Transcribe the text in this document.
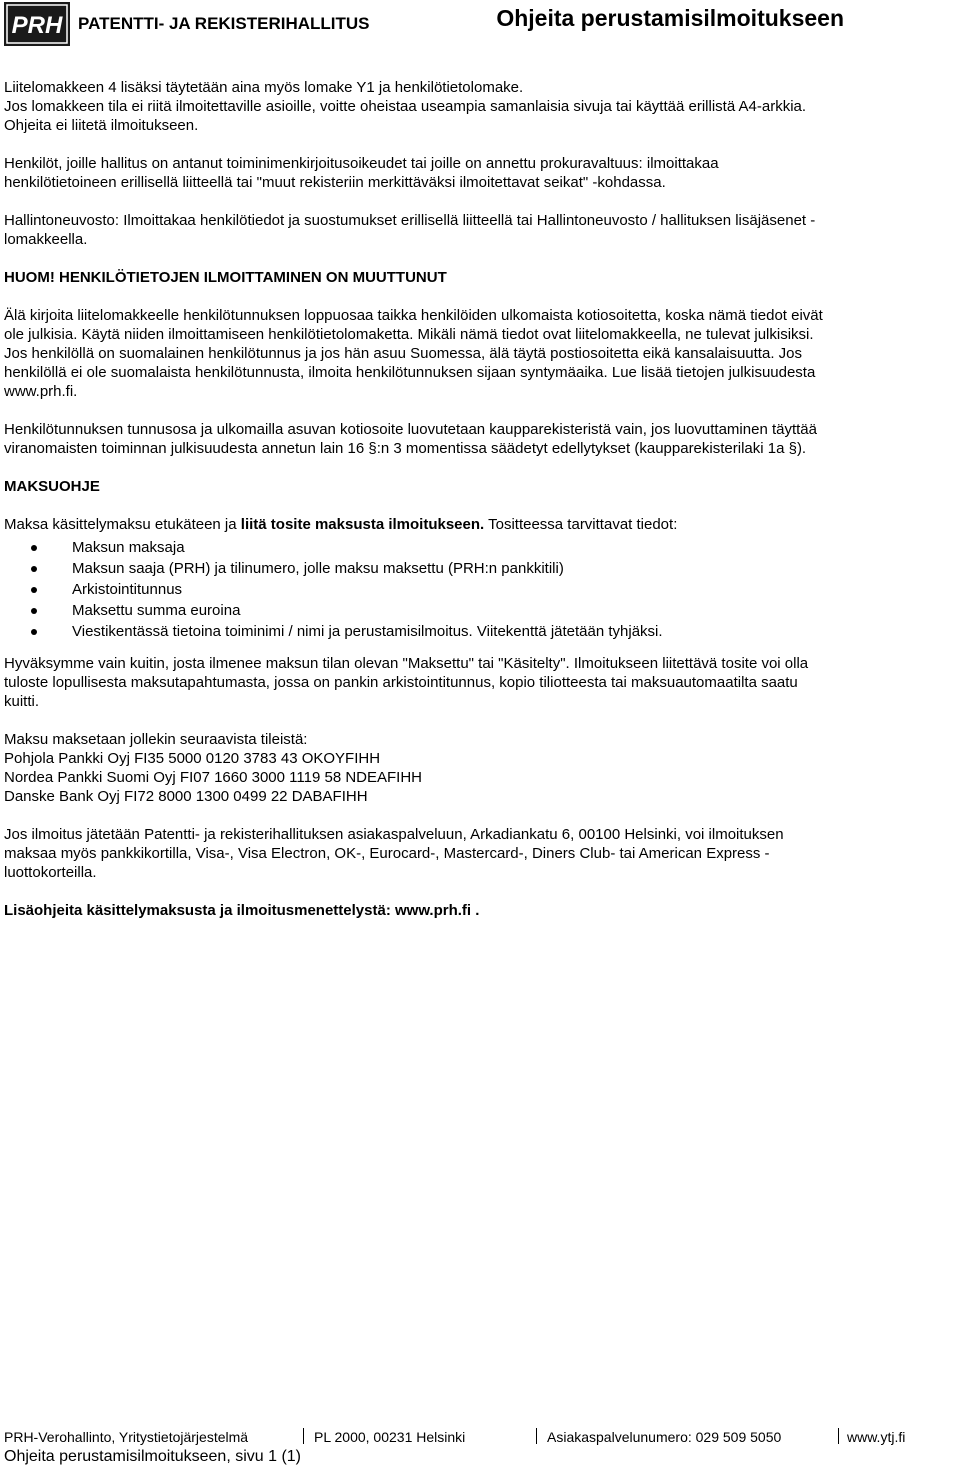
PRH PATENTTI- JA REKISTERIHALLITUS	Ohjeita perustamisilmoitukseen

Liitelomakkeen 4 lisäksi täytetään aina myös lomake Y1 ja henkilötietolomake.

Jos lomakkeen tila ei riitä ilmoitettaville asioille, voitte oheistaa useampia samanlaisia sivuja tai käyttää erillistä A4-arkkia.

Ohjeita ei liitetä ilmoitukseen.

Henkilöt, joille hallitus on antanut toiminimenkirjoitusoikeudet tai joille on annettu prokuravaltuus: ilmoittakaa

henkilötietoineen erillisellä liitteellä tai "muut rekisteriin merkittäväksi ilmoitettavat seikat" -kohdassa.

Hallintoneuvosto: Ilmoittakaa henkilötiedot ja suostumukset erillisellä liitteellä tai Hallintoneuvosto / hallituksen lisäjäsenet -

lomakkeella.

HUOM! HENKILÖTIETOJEN ILMOITTAMINEN ON MUUTTUNUT

Älä kirjoita liitelomakkeelle henkilötunnuksen loppuosaa taikka henkilöiden ulkomaista kotiosoitetta, koska nämä tiedot eivät

ole julkisia. Käytä niiden ilmoittamiseen henkilötietolomaketta. Mikäli nämä tiedot ovat liitelomakkeella, ne tulevat julkisiksi.

Jos henkilöllä on suomalainen henkilötunnus ja jos hän asuu Suomessa, älä täytä postiosoitetta eikä kansalaisuutta. Jos

henkilöllä ei ole suomalaista henkilötunnusta, ilmoita henkilötunnuksen sijaan syntymäaika. Lue lisää tietojen julkisuudesta

www.prh.fi.

Henkilötunnuksen tunnusosa ja ulkomailla asuvan kotiosoite luovutetaan kaupparekisteristä vain, jos luovuttaminen täyttää

viranomaisten toiminnan julkisuudesta annetun lain 16 §:n 3 momentissa säädetyt edellytykset (kaupparekisterilaki 1a §).

MAKSUOHJE

Maksa käsittelymaksu etukäteen ja liitä tosite maksusta ilmoitukseen. Tositteessa tarvittavat tiedot:

Maksun maksaja
Maksun saaja (PRH) ja tilinumero, jolle maksu maksettu (PRH:n pankkitili)
Arkistointitunnus
Maksettu summa euroina
Viestikentässä tietoina toiminimi / nimi ja perustamisilmoitus. Viitekenttä jätetään tyhjäksi.

Hyväksymme vain kuitin, josta ilmenee maksun tilan olevan "Maksettu" tai "Käsitelty". Ilmoitukseen liitettävä tosite voi olla

tuloste lopullisesta maksutapahtumasta, jossa on pankin arkistointitunnus, kopio tiliotteesta tai maksuautomaatilta saatu

kuitti.

Maksu maksetaan jollekin seuraavista tileistä:

Pohjola Pankki Oyj FI35 5000 0120 3783 43 OKOYFIHH

Nordea Pankki Suomi Oyj FI07 1660 3000 1119 58 NDEAFIHH

Danske Bank Oyj FI72 8000 1300 0499 22 DABAFIHH

Jos ilmoitus jätetään Patentti- ja rekisterihallituksen asiakaspalveluun, Arkadiankatu 6, 00100 Helsinki, voi ilmoituksen

maksaa myös pankkikortilla, Visa-, Visa Electron, OK-, Eurocard-, Mastercard-, Diners Club- tai American Express -

luottokorteilla.

Lisäohjeita käsittelymaksusta ja ilmoitusmenettelystä: www.prh.fi .

PRH-Verohallinto, Yritystietojärjestelmä	PL 2000, 00231 Helsinki	Asiakaspalvelunumero: 029 509 5050	www.ytj.fi
Ohjeita perustamisilmoitukseen, sivu 1 (1)
